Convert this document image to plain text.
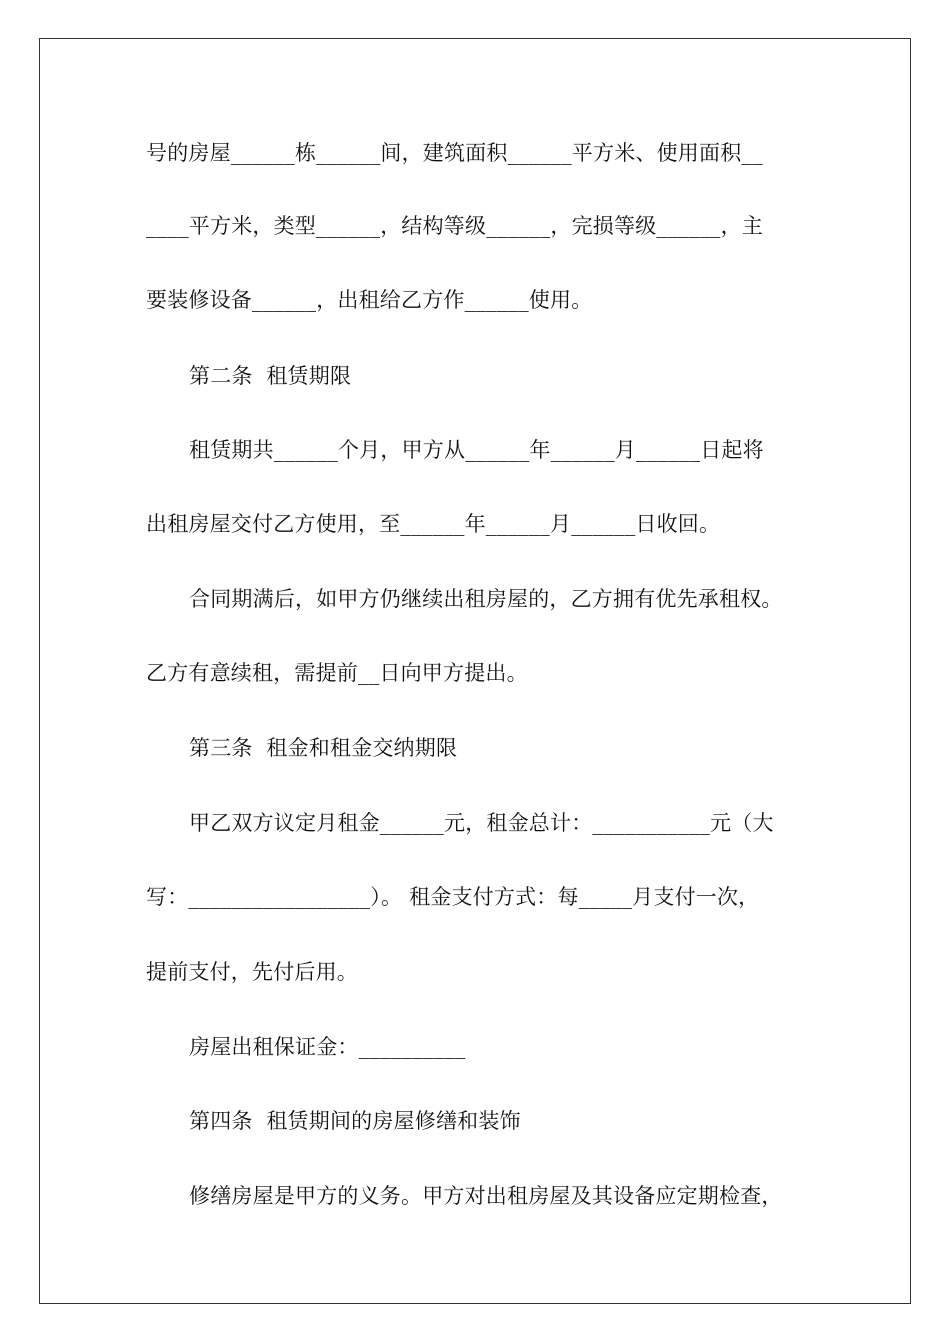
号的房屋______栋______间，建筑面积______平方米、使用面积__
____平方米，类型______，结构等级______，完损等级______，主
要装修设备______，出租给乙方作______使用。
第二条  租赁期限
租赁期共______个月，甲方从______年______月______日起将
出租房屋交付乙方使用，至______年______月______日收回。
合同期满后，如甲方仍继续出租房屋的，乙方拥有优先承租权。
乙方有意续租，需提前__日向甲方提出。
第三条  租金和租金交纳期限
甲乙双方议定月租金______元，租金总计：___________元（大
写：_________________）。 租金支付方式：每_____月支付一次，
提前支付，先付后用。
房屋出租保证金：__________
第四条  租赁期间的房屋修缮和装饰
修缮房屋是甲方的义务。甲方对出租房屋及其设备应定期检查，
